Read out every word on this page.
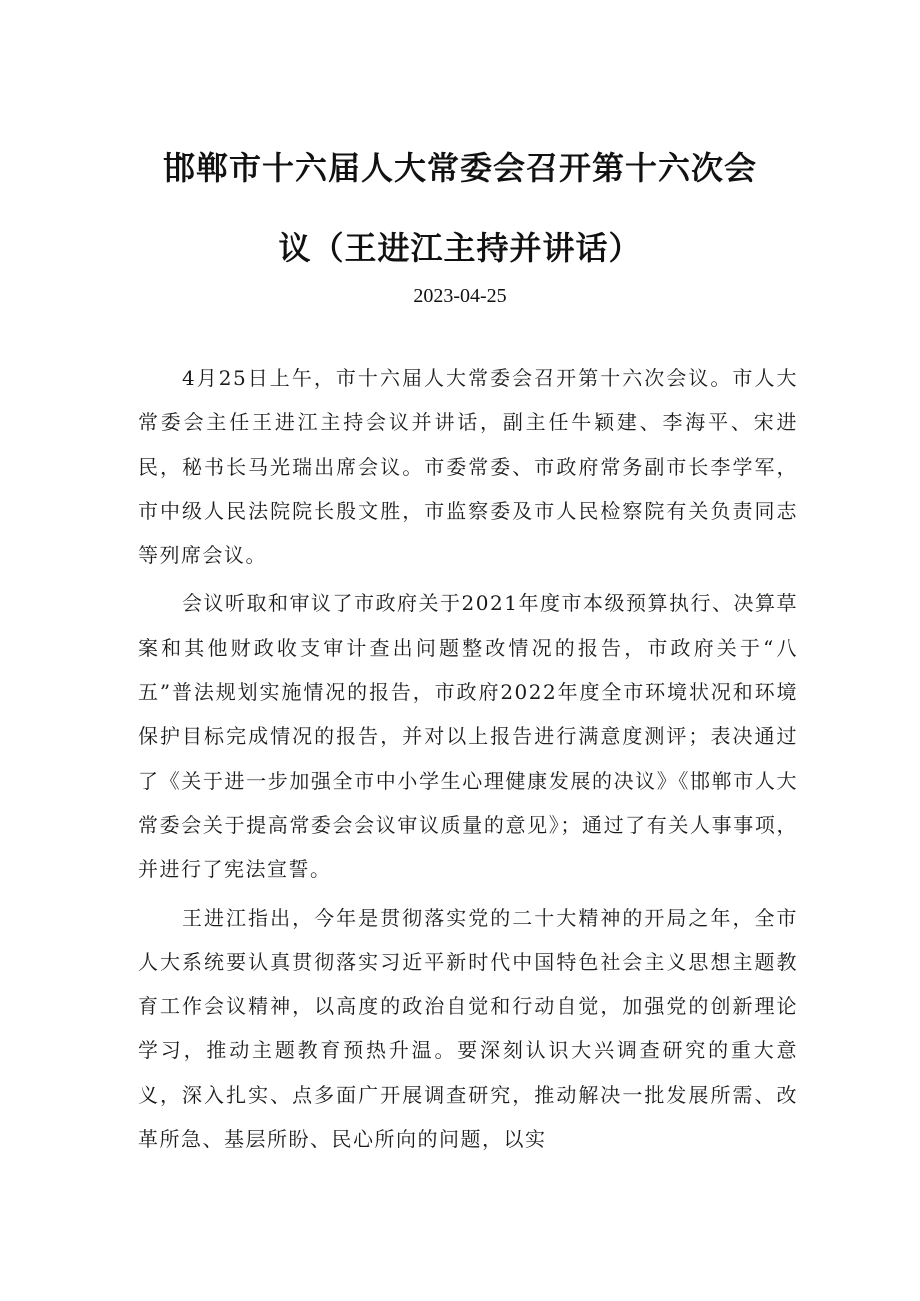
邯郸市十六届人大常委会召开第十六次会
议（王进江主持并讲话）
2023-04-25

4月25日上午，市十六届人大常委会召开第十六次会议。市人大常委会主任王进江主持会议并讲话，副主任牛颖建、李海平、宋进民，秘书长马光瑞出席会议。市委常委、市政府常务副市长李学军，市中级人民法院院长殷文胜，市监察委及市人民检察院有关负责同志等列席会议。

会议听取和审议了市政府关于2021年度市本级预算执行、决算草案和其他财政收支审计查出问题整改情况的报告，市政府关于“八五”普法规划实施情况的报告，市政府2022年度全市环境状况和环境保护目标完成情况的报告，并对以上报告进行满意度测评；表决通过了《关于进一步加强全市中小学生心理健康发展的决议》《邯郸市人大常委会关于提高常委会会议审议质量的意见》；通过了有关人事事项，并进行了宪法宣誓。

王进江指出，今年是贯彻落实党的二十大精神的开局之年，全市人大系统要认真贯彻落实习近平新时代中国特色社会主义思想主题教育工作会议精神，以高度的政治自觉和行动自觉，加强党的创新理论学习，推动主题教育预热升温。要深刻认识大兴调查研究的重大意义，深入扎实、点多面广开展调查研究，推动解决一批发展所需、改革所急、基层所盼、民心所向的问题，以实
